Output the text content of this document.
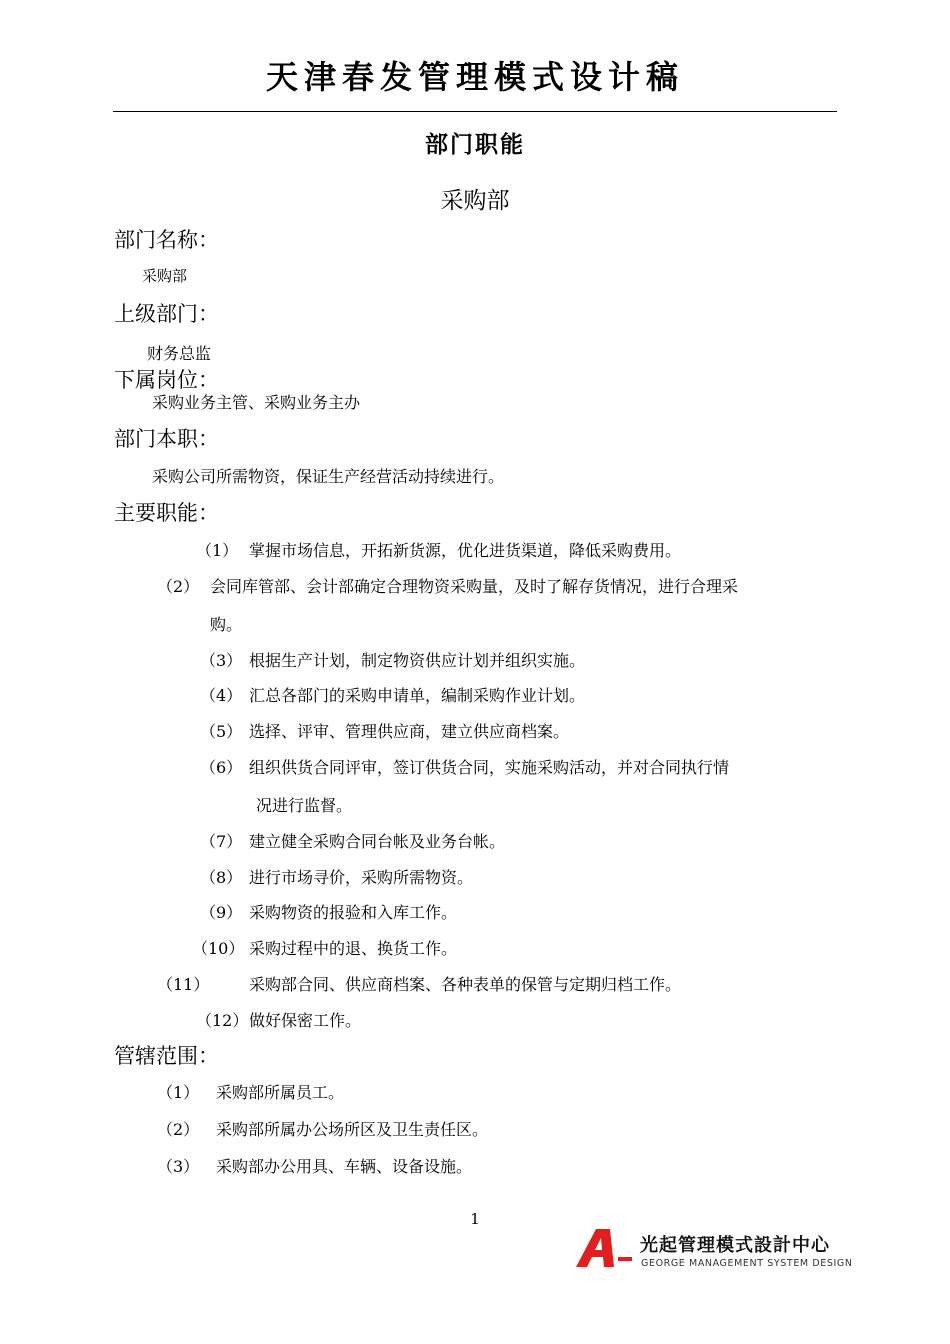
天津春发管理模式设计稿
部门职能
采购部
部门名称：
采购部
上级部门：
财务总监
下属岗位：
采购业务主管、采购业务主办
部门本职：
采购公司所需物资，保证生产经营活动持续进行。
主要职能：
（1） 掌握市场信息，开拓新货源，优化进货渠道，降低采购费用。
（2） 会同库管部、会计部确定合理物资采购量，及时了解存货情况，进行合理采
购。
（3） 根据生产计划，制定物资供应计划并组织实施。
（4） 汇总各部门的采购申请单，编制采购作业计划。
（5） 选择、评审、管理供应商，建立供应商档案。
（6） 组织供货合同评审，签订供货合同，实施采购活动，并对合同执行情
况进行监督。
（7） 建立健全采购合同台帐及业务台帐。
（8） 进行市场寻价，采购所需物资。
（9） 采购物资的报验和入库工作。
（10） 采购过程中的退、换货工作。
（11） 采购部合同、供应商档案、各种表单的保管与定期归档工作。
（12） 做好保密工作。
管辖范围：
（1） 采购部所属员工。
（2） 采购部所属办公场所区及卫生责任区。
（3） 采购部办公用具、车辆、设备设施。
1
光起管理模式設計中心
GEORGE MANAGEMENT SYSTEM DESIGN
